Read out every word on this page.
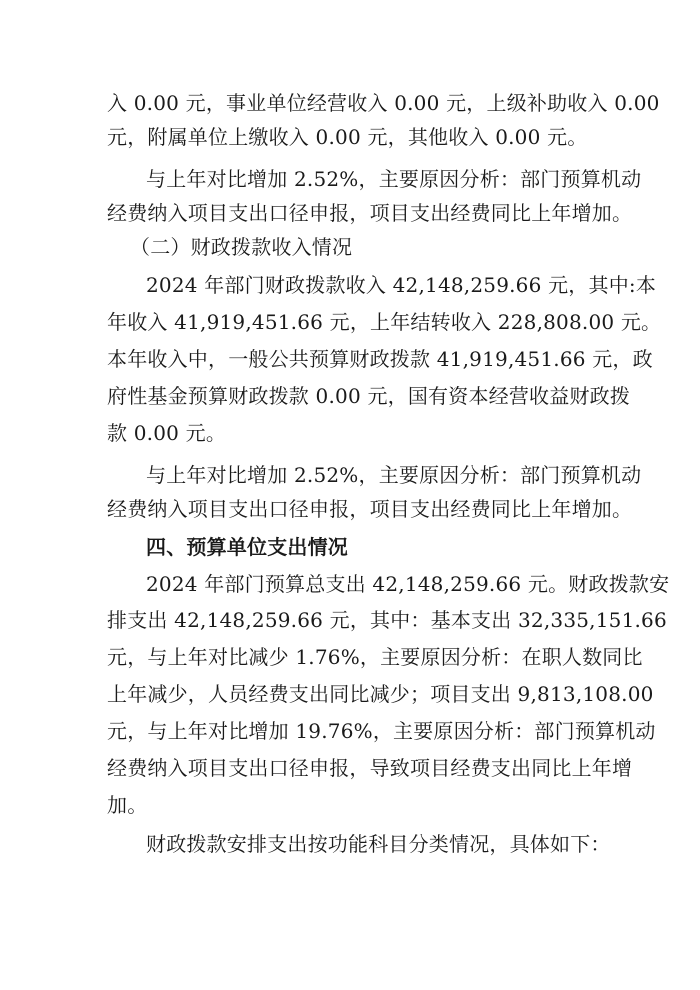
入 0.00 元，事业单位经营收入 0.00 元，上级补助收入 0.00
元，附属单位上缴收入 0.00 元，其他收入 0.00 元。
与上年对比增加 2.52%，主要原因分析：部门预算机动
经费纳入项目支出口径申报，项目支出经费同比上年增加。
（二）财政拨款收入情况
2024 年部门财政拨款收入 42,148,259.66 元，其中:本
年收入 41,919,451.66 元，上年结转收入 228,808.00 元。
本年收入中，一般公共预算财政拨款 41,919,451.66 元，政
府性基金预算财政拨款 0.00 元，国有资本经营收益财政拨
款 0.00 元。
与上年对比增加 2.52%，主要原因分析：部门预算机动
经费纳入项目支出口径申报，项目支出经费同比上年增加。
四、预算单位支出情况
2024 年部门预算总支出 42,148,259.66 元。财政拨款安
排支出 42,148,259.66 元，其中：基本支出 32,335,151.66
元，与上年对比减少 1.76%，主要原因分析：在职人数同比
上年减少，人员经费支出同比减少；项目支出 9,813,108.00
元，与上年对比增加 19.76%，主要原因分析：部门预算机动
经费纳入项目支出口径申报，导致项目经费支出同比上年增
加。
财政拨款安排支出按功能科目分类情况，具体如下：
